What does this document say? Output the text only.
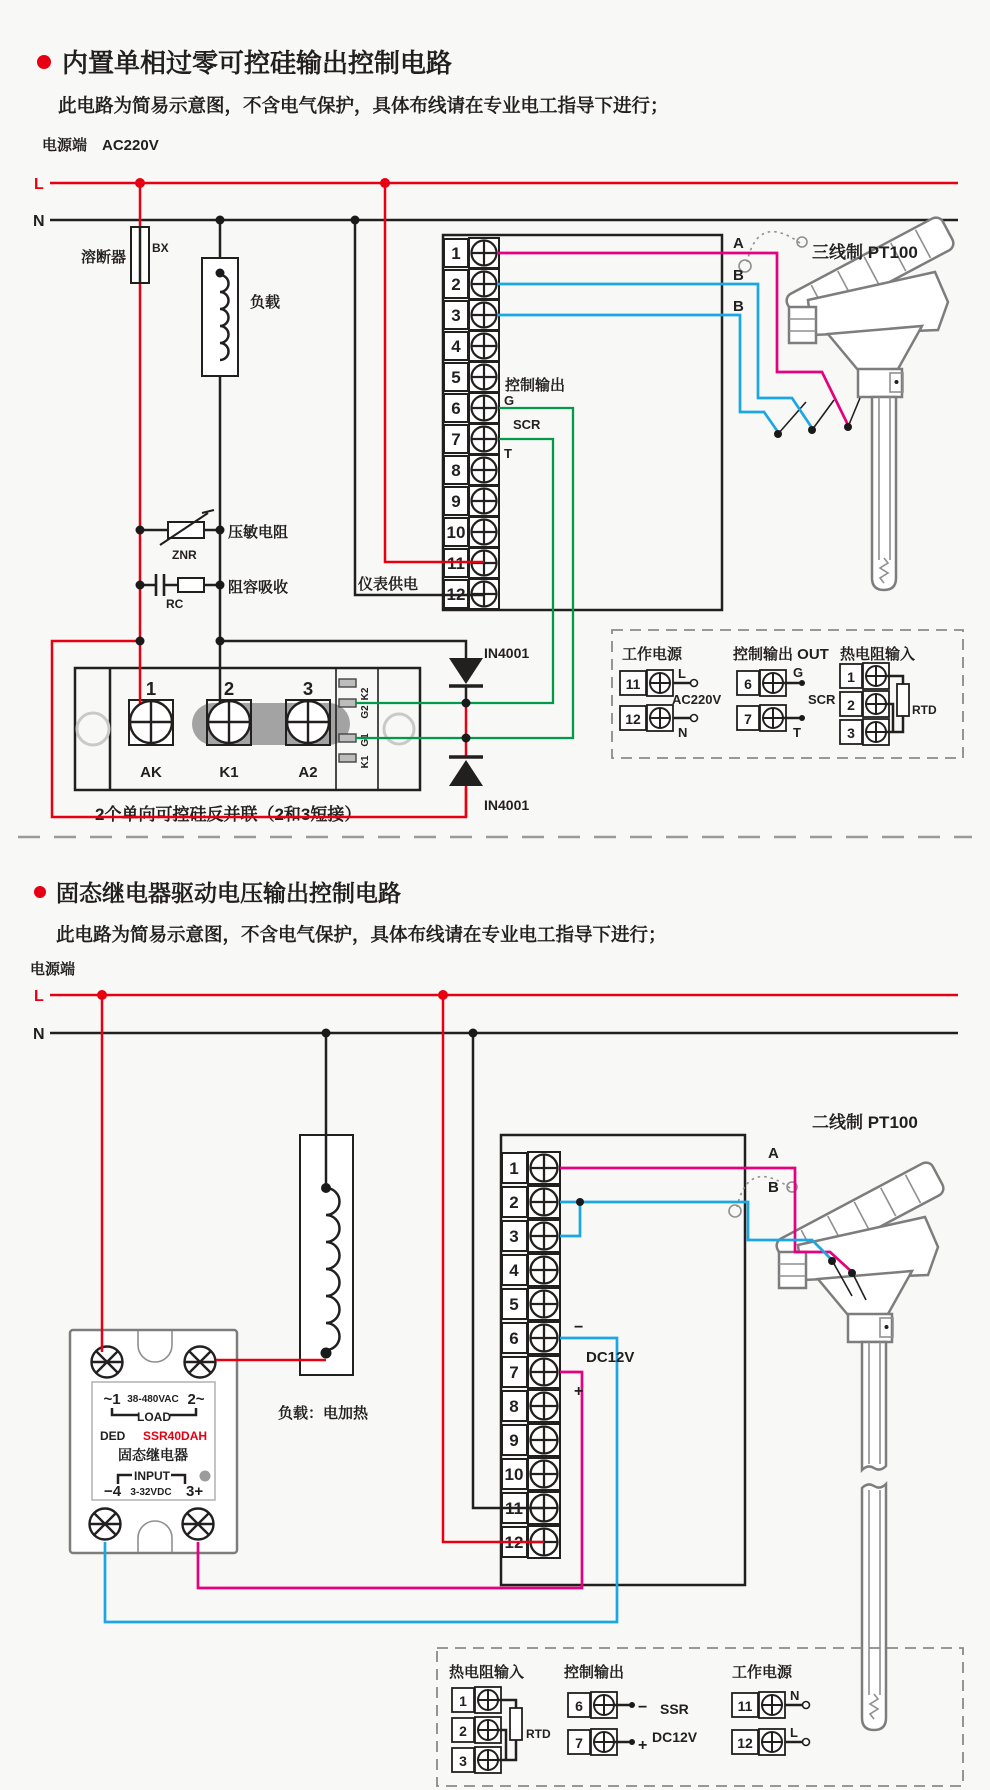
内置单相过零可控硅输出控制电路
此电路为简易示意图，不含电气保护，具体布线请在专业电工指导下进行；
电源端 AC220V
L
N
1
2
3
4
5
6
7
8
9
10
11
12
三线制 PT100
1	2	3
AK	K1	A2
K2
G2
G1
K1
2个单向可控硅反并联（2和3短接）
IN4001
IN4001
溶断器
BX
负载
压敏电阻
ZNR
阻容吸收
RC
仪表供电
控制输出
G
SCR
T
A
B
B
工作电源
11
12
L
AC220V
N
控制输出 OUT
6
7
G
SCR
T
热电阻输入
1
2
3
RTD
固态继电器驱动电压输出控制电路
此电路为简易示意图，不含电气保护，具体布线请在专业电工指导下进行；
电源端
L
N
1
2
3
4
5
6
7
8
9
10
11
12
二线制 PT100
负载：电加热
~1 38-480VAC 2~
LOAD
DED SSR40DAH
固态继电器
INPUT
−4 3-32VDC 3+
A
B
−
DC12V
+
热电阻输入
1
2
3
RTD
控制输出
6
7
− SSR
+ DC12V
工作电源
11
12
N
L
